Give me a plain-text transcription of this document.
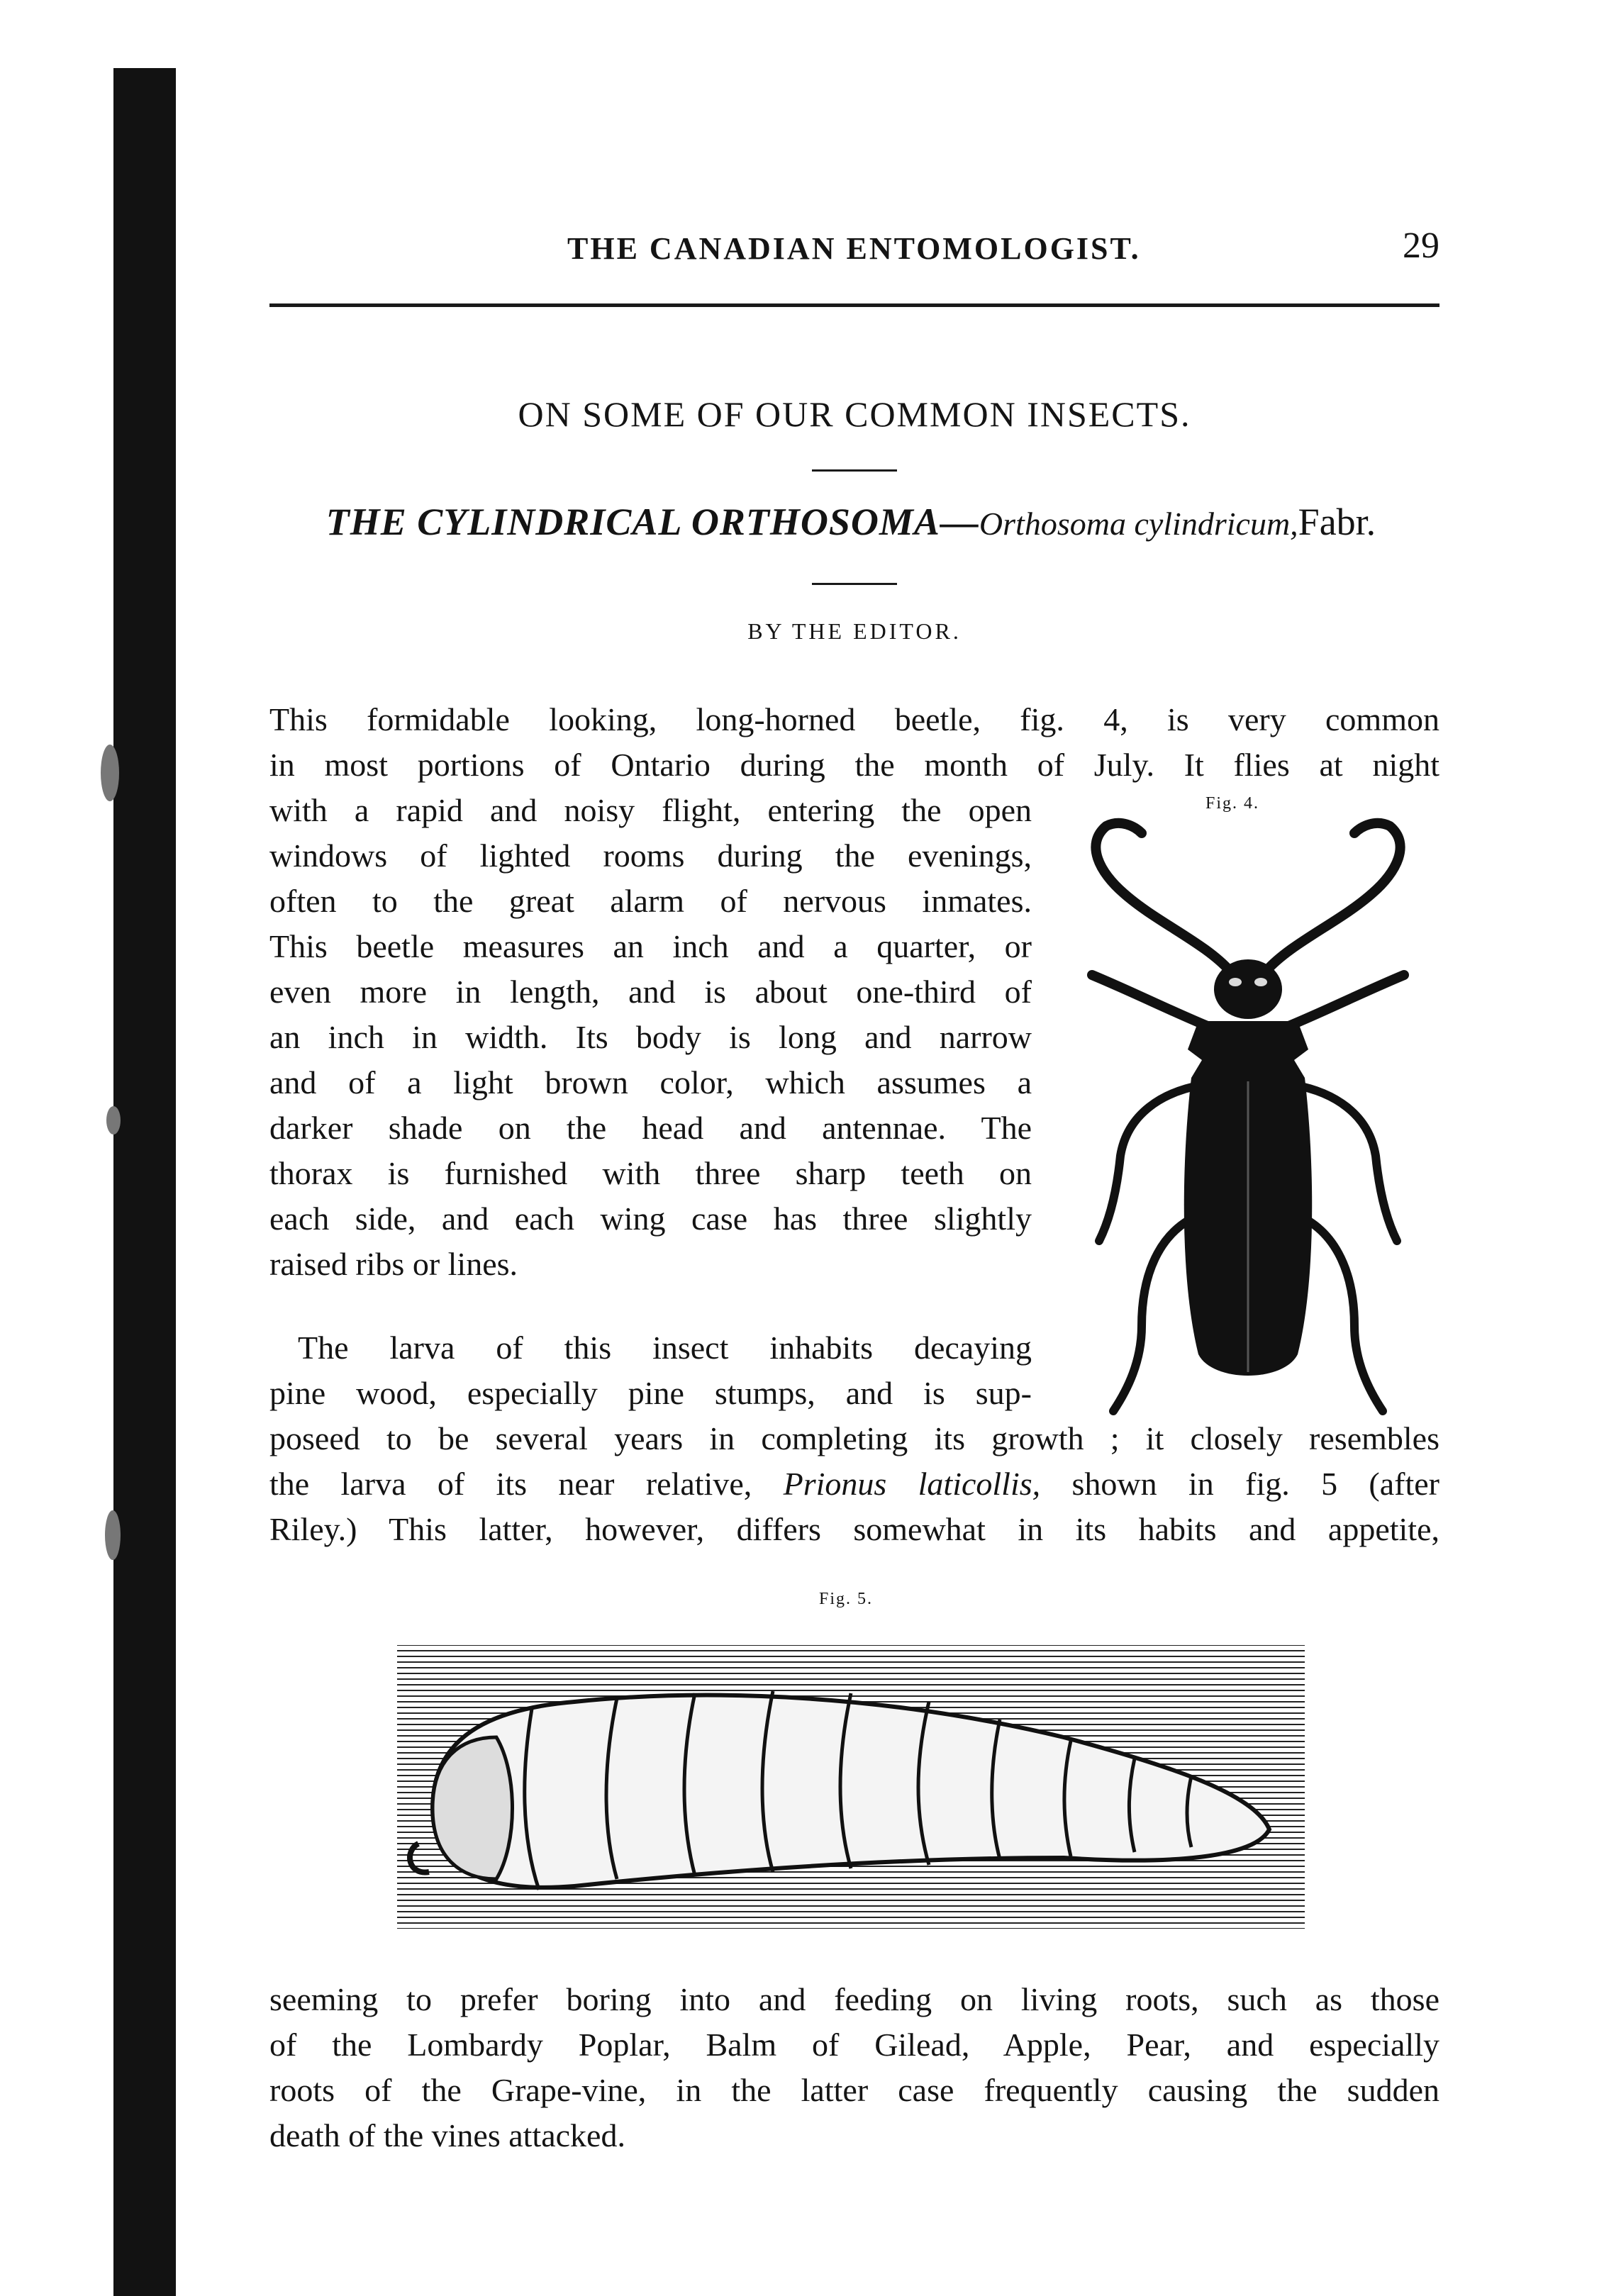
THE CANADIAN ENTOMOLOGIST.	29
ON SOME OF OUR COMMON INSECTS.
THE CYLINDRICAL ORTHOSOMA—Orthosoma cylindricum,Fabr.
BY THE EDITOR.
This formidable looking, long-horned beetle, fig. 4, is very common
in most portions of Ontario during the month of July. It flies at night
with a rapid and noisy flight, entering the open
windows of lighted rooms during the evenings,
often to the great alarm of nervous inmates.
This beetle measures an inch and a quarter, or
even more in length, and is about one-third of
an inch in width. Its body is long and narrow
and of a light brown color, which assumes a
darker shade on the head and antennae. The
thorax is furnished with three sharp teeth on
each side, and each wing case has three slightly
raised ribs or lines.
The larva of this insect inhabits decaying
pine wood, especially pine stumps, and is sup-
poseed to be several years in completing its growth ; it closely resembles
the larva of its near relative, Prionus laticollis, shown in fig. 5 (after
Riley.) This latter, however, differs somewhat in its habits and appetite,
Fig. 4.
Fig. 5.
seeming to prefer boring into and feeding on living roots, such as those
of the Lombardy Poplar, Balm of Gilead, Apple, Pear, and especially
roots of the Grape-vine, in the latter case frequently causing the sudden
death of the vines attacked.
